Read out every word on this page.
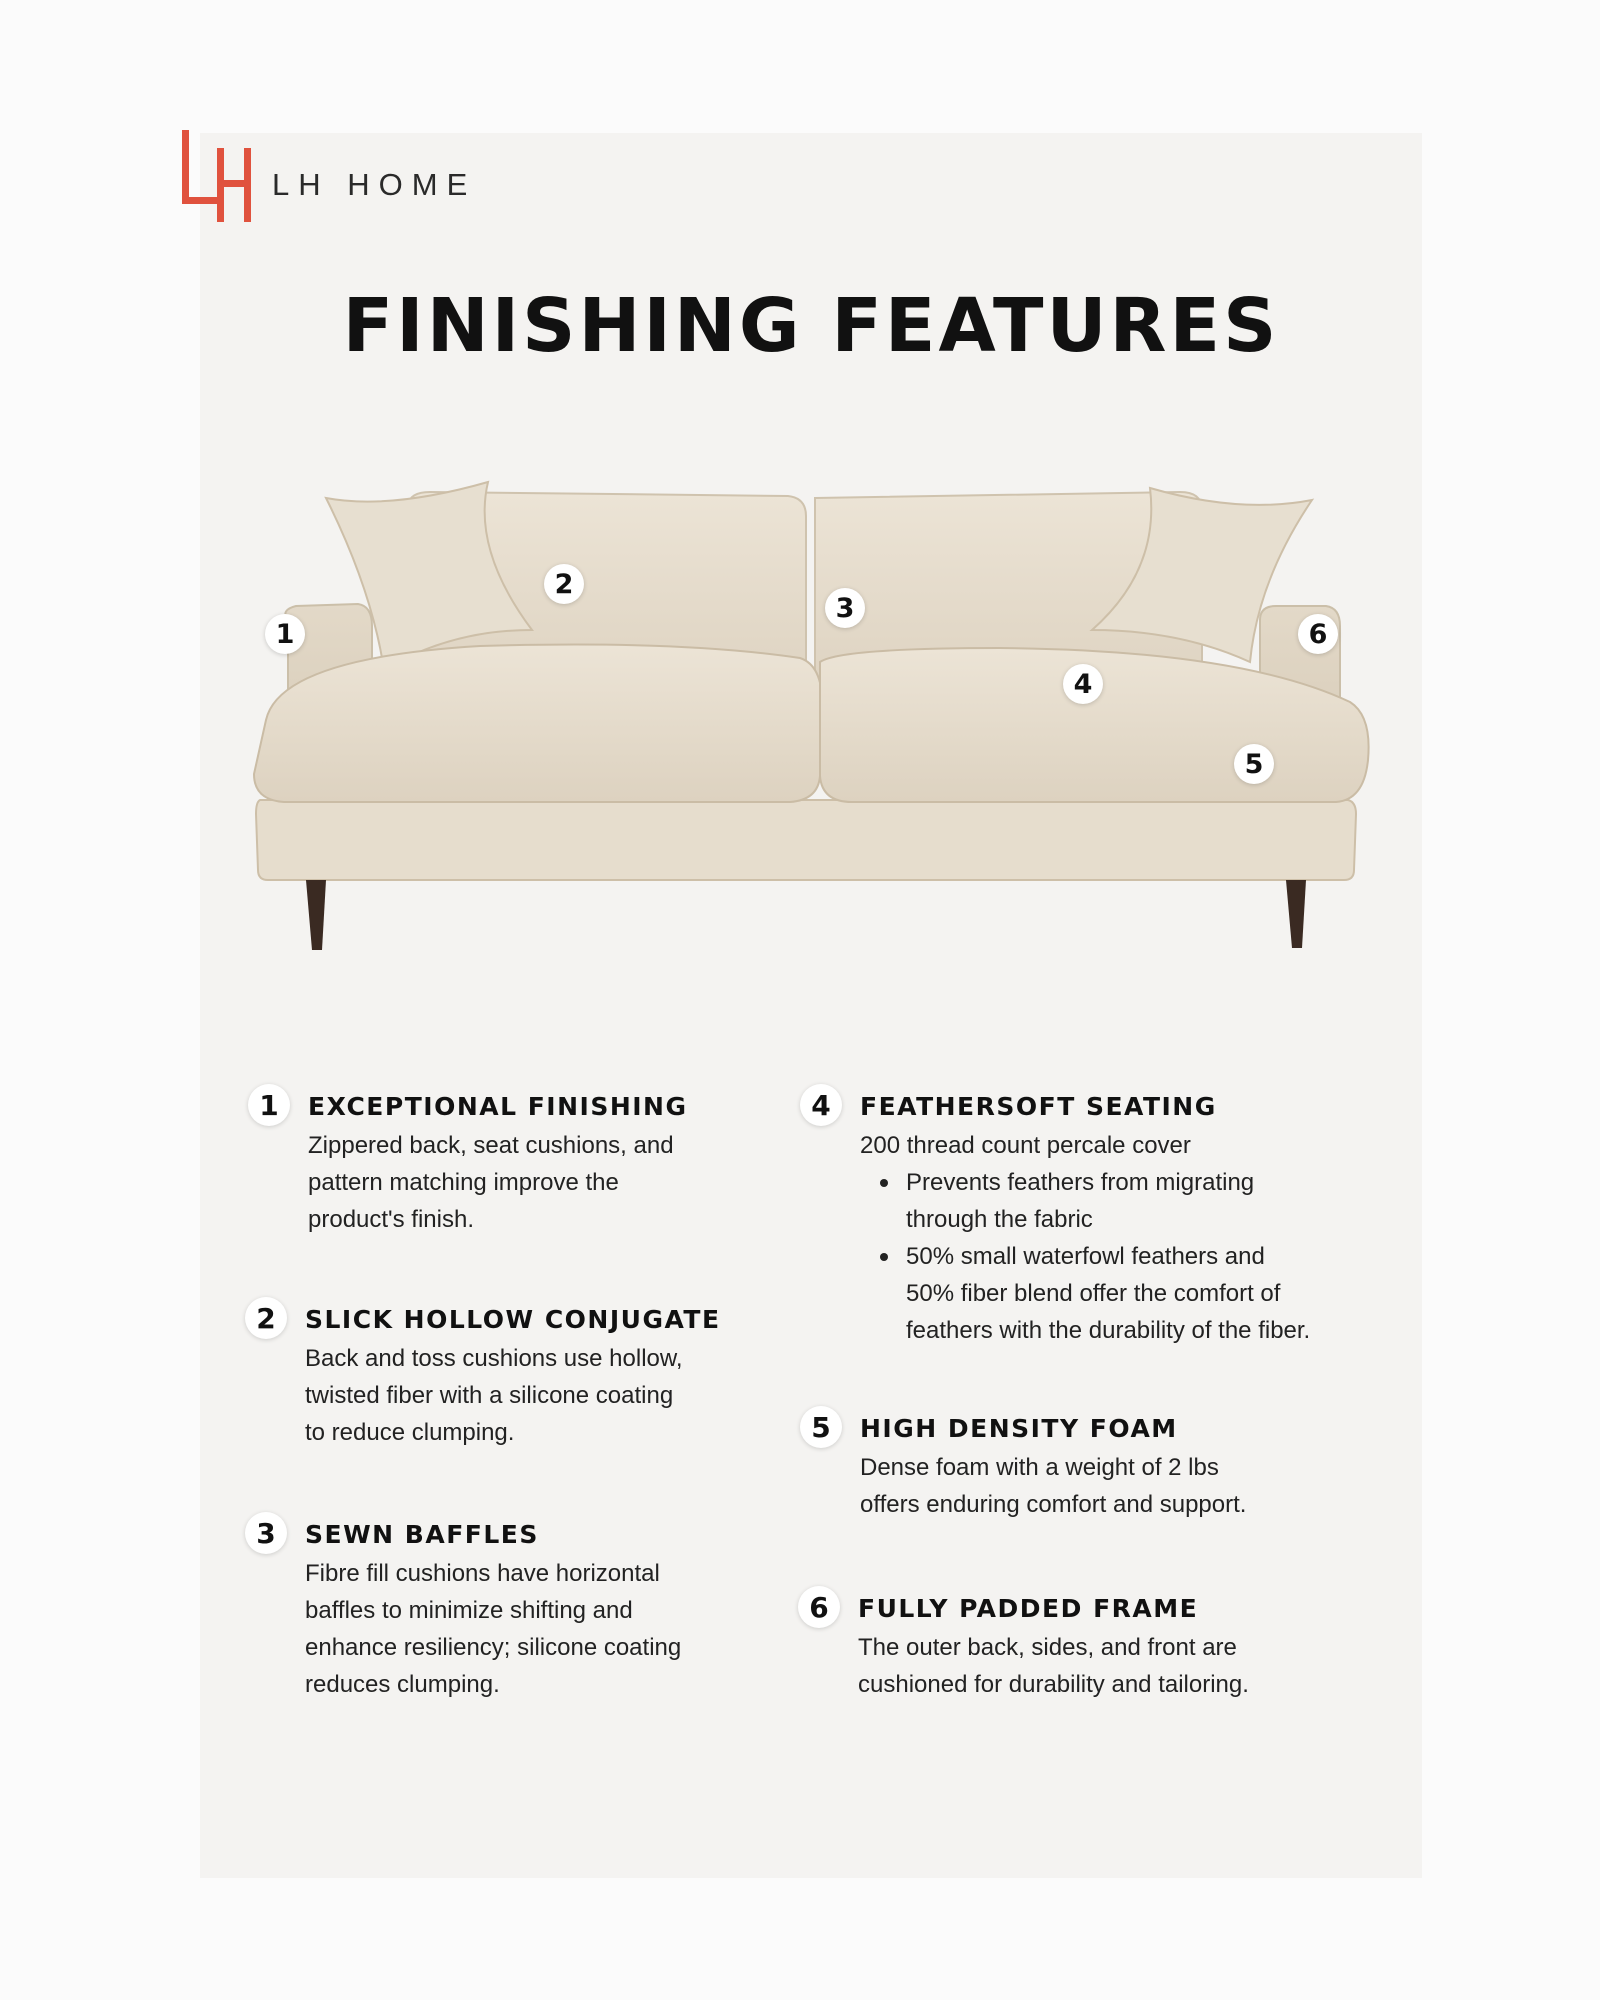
LH HOME
FINISHING FEATURES
1
2
3
4
5
6
1	EXCEPTIONAL FINISHING

Zippered back, seat cushions, and

pattern matching improve the

product's finish.

2	SLICK HOLLOW CONJUGATE

Back and toss cushions use hollow,

twisted fiber with a silicone coating

to reduce clumping.

3	SEWN BAFFLES

Fibre fill cushions have horizontal

baffles to minimize shifting and

enhance resiliency; silicone coating

reduces clumping.

4	FEATHERSOFT SEATING

200 thread count percale cover

Prevents feathers from migrating
through the fabric
50% small waterfowl feathers and
50% fiber blend offer the comfort of
feathers with the durability of the fiber.
5	HIGH DENSITY FOAM

Dense foam with a weight of 2 lbs

offers enduring comfort and support.

6	FULLY PADDED FRAME

The outer back, sides, and front are

cushioned for durability and tailoring.
